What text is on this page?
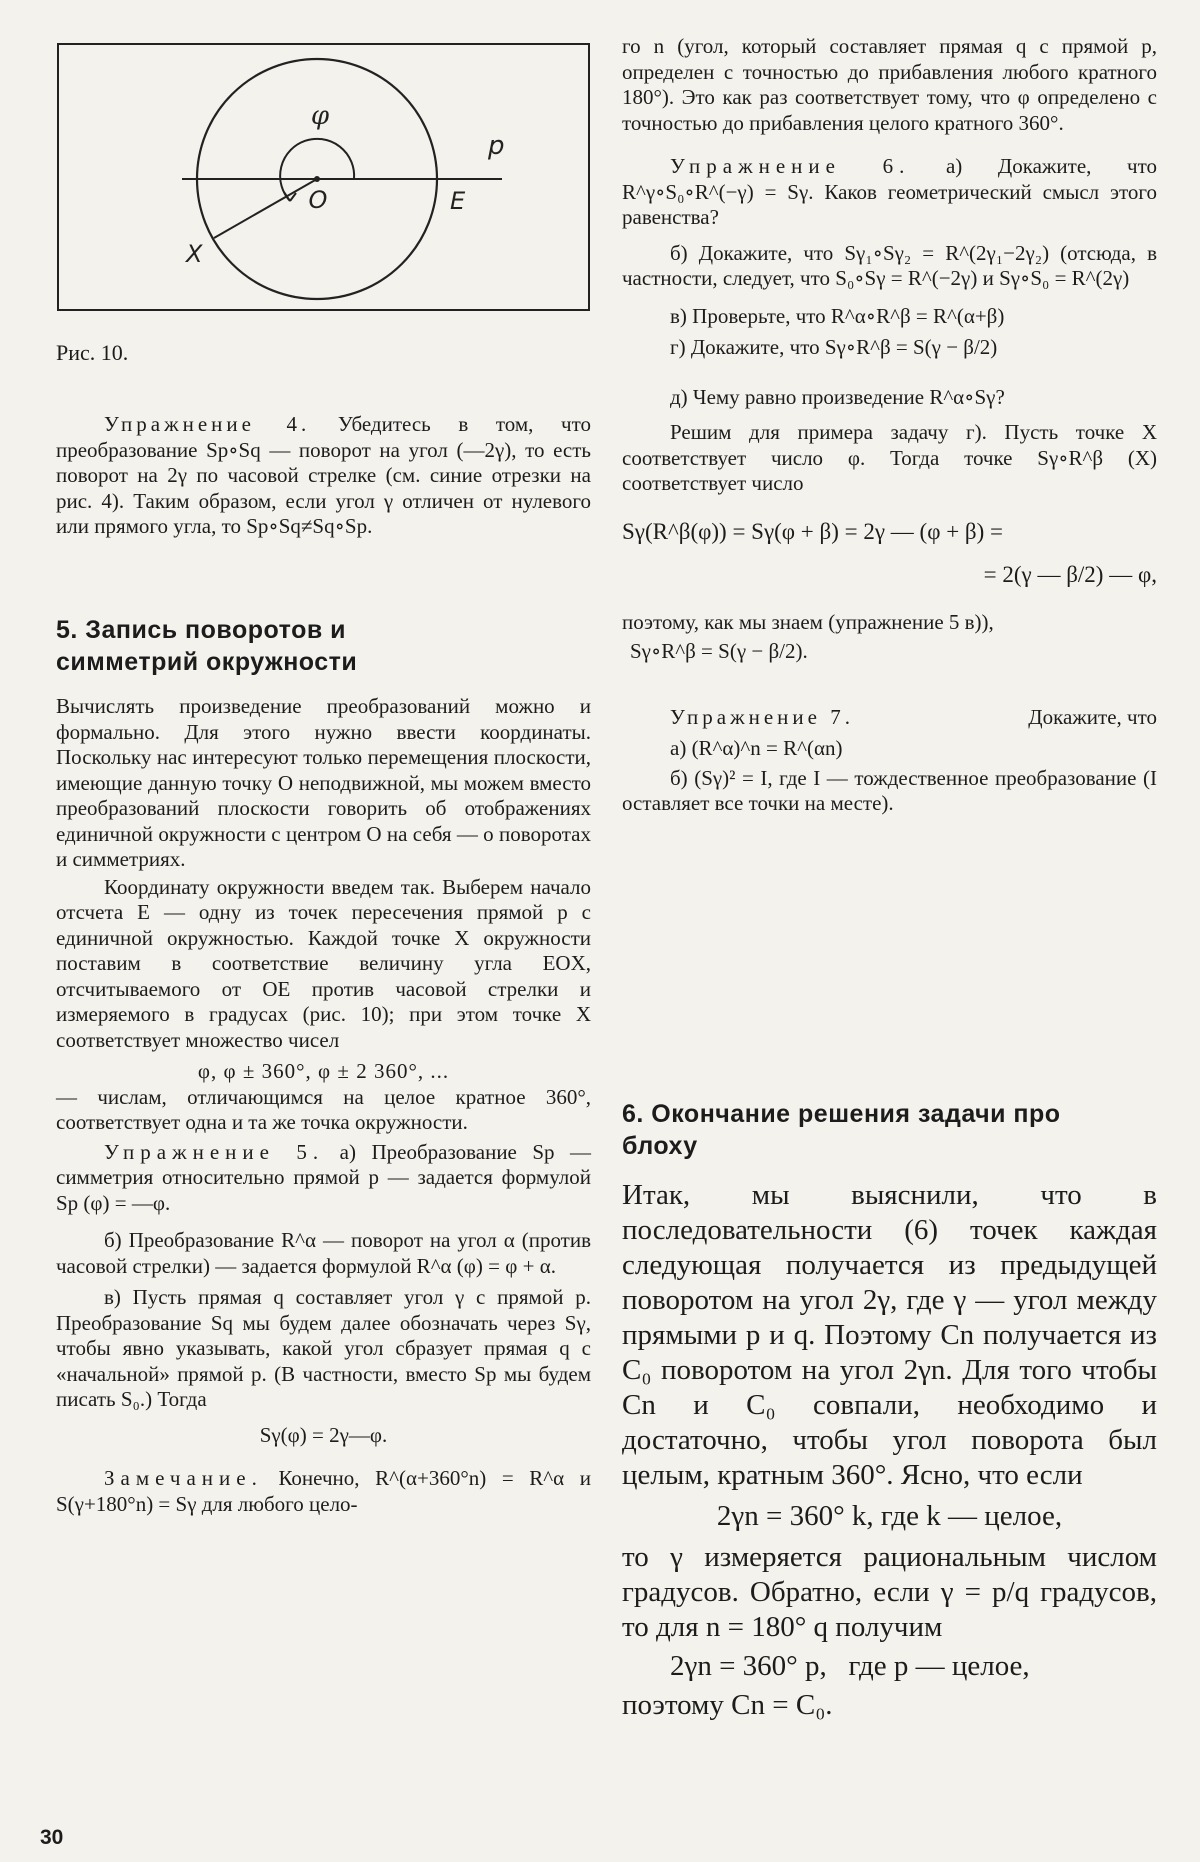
φ
O
p
E
X

Рис. 10.

Упражнение 4. Убедитесь в том, что преобразование Sp∘Sq — поворот на угол (—2γ), то есть поворот на 2γ по часовой стрелке (см. синие отрезки на рис. 4). Таким образом, если угол γ отличен от нулевого или прямого угла, то Sp∘Sq≠Sq∘Sp.

5. Запись поворотов и симметрий окружности

Вычислять произведение преобразований можно и формально. Для этого нужно ввести координаты. Поскольку нас интересуют только перемещения плоскости, имеющие данную точку O неподвижной, мы можем вместо преобразований плоскости говорить об отображениях единичной окружности с центром O на себя — о поворотах и симметриях.

Координату окружности введем так. Выберем начало отсчета E — одну из точек пересечения прямой p с единичной окружностью. Каждой точке X окружности поставим в соответствие величину угла EOX, отсчитываемого от OE против часовой стрелки и измеряемого в градусах (рис. 10); при этом точке X соответствует множество чисел

φ, φ ± 360°, φ ± 2 360°, ...

— числам, отличающимся на целое кратное 360°, соответствует одна и та же точка окружности.

Упражнение 5. а) Преобразование Sp — симметрия относительно прямой p — задается формулой Sp (φ) = —φ.

б) Преобразование R^α — поворот на угол α (против часовой стрелки) — задается формулой R^α (φ) = φ + α.

в) Пусть прямая q составляет угол γ с прямой p. Преобразование Sq мы будем далее обозначать через Sγ, чтобы явно указывать, какой угол сбразует прямая q с «начальной» прямой p. (В частности, вместо Sp мы будем писать S₀.) Тогда

Sγ(φ) = 2γ—φ.

Замечание. Конечно, R^(α+360°n) = R^α и S(γ+180°n) = Sγ для любого цело-

30

го n (угол, который составляет прямая q с прямой p, определен с точностью до прибавления любого кратного 180°). Это как раз соответствует тому, что φ определено с точностью до прибавления целого кратного 360°.

Упражнение 6. а) Докажите, что R^γ∘S₀∘R^(−γ) = Sγ. Каков геометрический смысл этого равенства?

б) Докажите, что Sγ₁∘Sγ₂ = R^(2γ₁−2γ₂) (отсюда, в частности, следует, что S₀∘Sγ = R^(−2γ) и Sγ∘S₀ = R^(2γ)

в) Проверьте, что R^α∘R^β = R^(α+β)

г) Докажите, что Sγ∘R^β = S(γ − β/2)

д) Чему равно произведение R^α∘Sγ?

Решим для примера задачу г). Пусть точке X соответствует число φ. Тогда точке Sγ∘R^β (X) соответствует число

Sγ(R^β(φ)) = Sγ(φ + β) = 2γ — (φ + β) =

= 2(γ — β/2) — φ,

поэтому, как мы знаем (упражнение 5 в)),

Sγ∘R^β = S(γ − β/2).

Упражнение 7.	Докажите, что

а) (R^α)^n = R^(αn)

б) (Sγ)² = I, где I — тождественное преобразование (I оставляет все точки на месте).

6. Окончание решения задачи про блоху

Итак, мы выяснили, что в последовательности (6) точек каждая следующая получается из предыдущей поворотом на угол 2γ, где γ — угол между прямыми p и q. Поэтому Cn получается из C₀ поворотом на угол 2γn. Для того чтобы Cn и C₀ совпали, необходимо и достаточно, чтобы угол поворота был целым, кратным 360°. Ясно, что если

2γn = 360° k, где k — целое,

то γ измеряется рациональным числом градусов. Обратно, если γ = p/q градусов, то для n = 180° q получим

2γn = 360° p,   где p — целое,

поэтому Cn = C₀.
